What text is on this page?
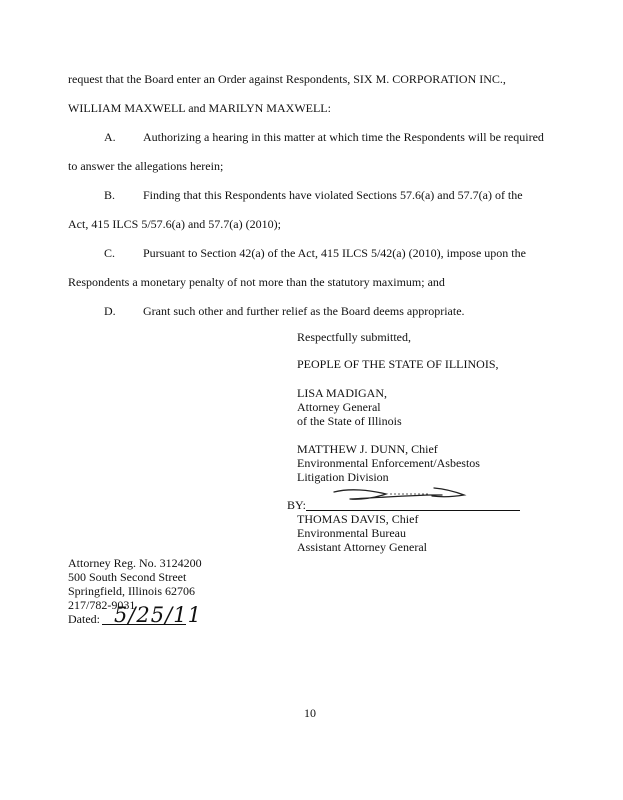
request that the Board enter an Order against Respondents, SIX M. CORPORATION INC.,
WILLIAM MAXWELL and MARILYN MAXWELL:
A. Authorizing a hearing in this matter at which time the Respondents will be required
to answer the allegations herein;
B. Finding that this Respondents have violated Sections 57.6(a) and 57.7(a) of the
Act, 415 ILCS 5/57.6(a) and 57.7(a) (2010);
C. Pursuant to Section 42(a) of the Act, 415 ILCS 5/42(a) (2010), impose upon the
Respondents a monetary penalty of not more than the statutory maximum; and
D. Grant such other and further relief as the Board deems appropriate.
Respectfully submitted,
PEOPLE OF THE STATE OF ILLINOIS,
LISA MADIGAN,
Attorney General
of the State of Illinois
MATTHEW J. DUNN, Chief
Environmental Enforcement/Asbestos
Litigation Division
BY:
THOMAS DAVIS, Chief
Environmental Bureau
Assistant Attorney General
Attorney Reg. No. 3124200
500 South Second Street
Springfield, Illinois 62706
217/782-9031
Dated: 5/25/11
10
